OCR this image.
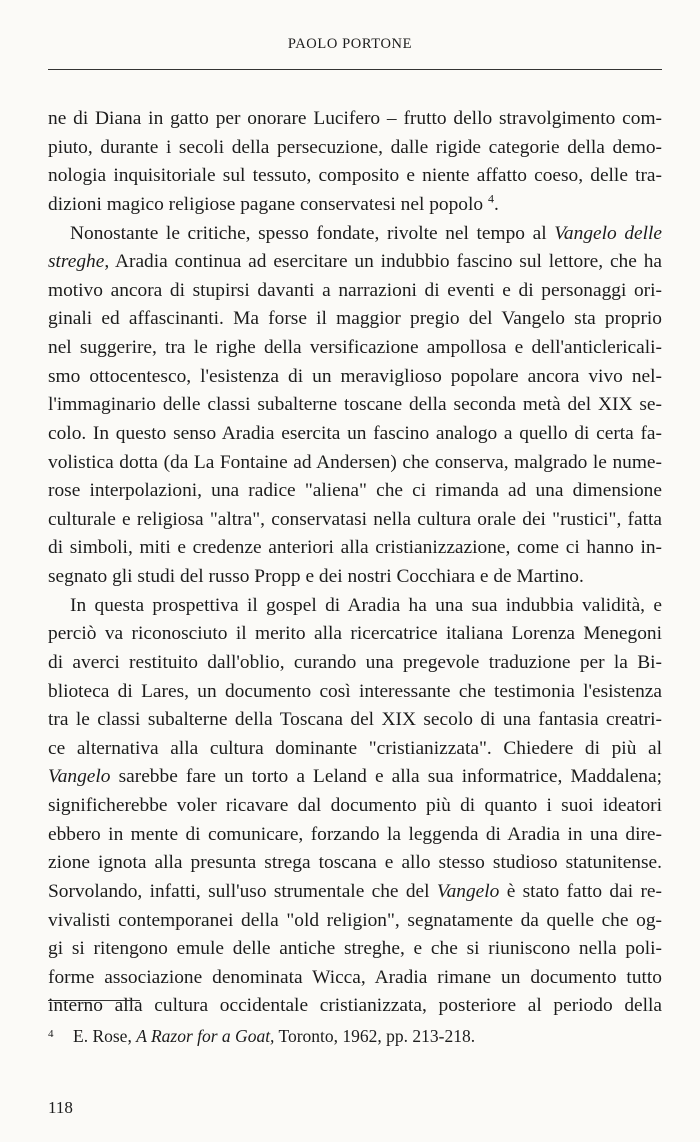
PAOLO PORTONE
ne di Diana in gatto per onorare Lucifero – frutto dello stravolgimento com-
piuto, durante i secoli della persecuzione, dalle rigide categorie della demo-
nologia inquisitoriale sul tessuto, composito e niente affatto coeso, delle tra-
dizioni magico religiose pagane conservatesi nel popolo $^4$.
Nonostante le critiche, spesso fondate, rivolte nel tempo al Vangelo delle
streghe, Aradia continua ad esercitare un indubbio fascino sul lettore, che ha
motivo ancora di stupirsi davanti a narrazioni di eventi e di personaggi ori-
ginali ed affascinanti. Ma forse il maggior pregio del Vangelo sta proprio
nel suggerire, tra le righe della versificazione ampollosa e dell'anticlericali-
smo ottocentesco, l'esistenza di un meraviglioso popolare ancora vivo nel-
l'immaginario delle classi subalterne toscane della seconda metà del XIX se-
colo. In questo senso Aradia esercita un fascino analogo a quello di certa fa-
volistica dotta (da La Fontaine ad Andersen) che conserva, malgrado le nume-
rose interpolazioni, una radice "aliena" che ci rimanda ad una dimensione
culturale e religiosa "altra", conservatasi nella cultura orale dei "rustici", fatta
di simboli, miti e credenze anteriori alla cristianizzazione, come ci hanno in-
segnato gli studi del russo Propp e dei nostri Cocchiara e de Martino.
In questa prospettiva il gospel di Aradia ha una sua indubbia validità, e
perciò va riconosciuto il merito alla ricercatrice italiana Lorenza Menegoni
di averci restituito dall'oblio, curando una pregevole traduzione per la Bi-
blioteca di Lares, un documento così interessante che testimonia l'esistenza
tra le classi subalterne della Toscana del XIX secolo di una fantasia creatri-
ce alternativa alla cultura dominante "cristianizzata". Chiedere di più al
Vangelo sarebbe fare un torto a Leland e alla sua informatrice, Maddalena;
significherebbe voler ricavare dal documento più di quanto i suoi ideatori
ebbero in mente di comunicare, forzando la leggenda di Aradia in una dire-
zione ignota alla presunta strega toscana e allo stesso studioso statunitense.
Sorvolando, infatti, sull'uso strumentale che del Vangelo è stato fatto dai re-
vivalisti contemporanei della "old religion", segnatamente da quelle che og-
gi si ritengono emule delle antiche streghe, e che si riuniscono nella poli-
forme associazione denominata Wicca, Aradia rimane un documento tutto
interno alla cultura occidentale cristianizzata, posteriore al periodo della
4 E. Rose, A Razor for a Goat, Toronto, 1962, pp. 213-218.
118
